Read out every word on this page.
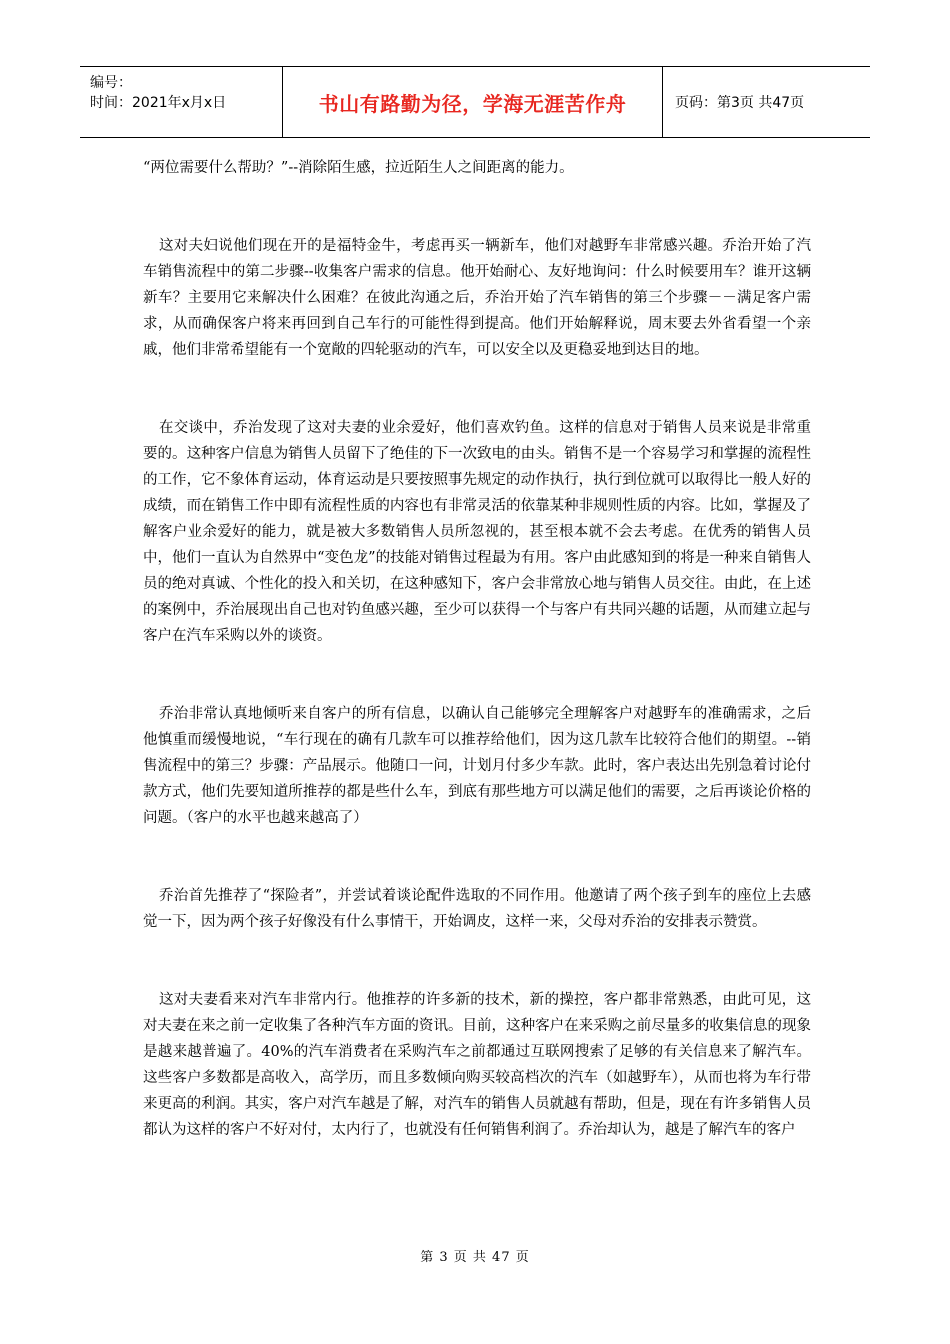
编号：
时间：2021年x月x日	书山有路勤为径，学海无涯苦作舟	页码：第3页 共47页

“两位需要什么帮助？”--消除陌生感，拉近陌生人之间距离的能力。

这对夫妇说他们现在开的是福特金牛，考虑再买一辆新车，他们对越野车非常感兴趣。乔治开始了汽车销售流程中的第二步骤--收集客户需求的信息。他开始耐心、友好地询问：什么时候要用车？谁开这辆新车？主要用它来解决什么困难？在彼此沟通之后，乔治开始了汽车销售的第三个步骤－－满足客户需求，从而确保客户将来再回到自己车行的可能性得到提高。他们开始解释说，周末要去外省看望一个亲戚，他们非常希望能有一个宽敞的四轮驱动的汽车，可以安全以及更稳妥地到达目的地。

在交谈中，乔治发现了这对夫妻的业余爱好，他们喜欢钓鱼。这样的信息对于销售人员来说是非常重要的。这种客户信息为销售人员留下了绝佳的下一次致电的由头。销售不是一个容易学习和掌握的流程性的工作，它不象体育运动，体育运动是只要按照事先规定的动作执行，执行到位就可以取得比一般人好的成绩，而在销售工作中即有流程性质的内容也有非常灵活的依靠某种非规则性质的内容。比如，掌握及了解客户业余爱好的能力，就是被大多数销售人员所忽视的，甚至根本就不会去考虑。在优秀的销售人员中，他们一直认为自然界中“变色龙”的技能对销售过程最为有用。客户由此感知到的将是一种来自销售人员的绝对真诚、个性化的投入和关切，在这种感知下，客户会非常放心地与销售人员交往。由此，在上述的案例中，乔治展现出自己也对钓鱼感兴趣，至少可以获得一个与客户有共同兴趣的话题，从而建立起与客户在汽车采购以外的谈资。

乔治非常认真地倾听来自客户的所有信息，以确认自己能够完全理解客户对越野车的准确需求，之后他慎重而缓慢地说，“车行现在的确有几款车可以推荐给他们，因为这几款车比较符合他们的期望。--销售流程中的第三？步骤：产品展示。他随口一问，计划月付多少车款。此时，客户表达出先别急着讨论付款方式，他们先要知道所推荐的都是些什么车，到底有那些地方可以满足他们的需要，之后再谈论价格的问题。（客户的水平也越来越高了）

乔治首先推荐了“探险者”，并尝试着谈论配件选取的不同作用。他邀请了两个孩子到车的座位上去感觉一下，因为两个孩子好像没有什么事情干，开始调皮，这样一来，父母对乔治的安排表示赞赏。

这对夫妻看来对汽车非常内行。他推荐的许多新的技术，新的操控，客户都非常熟悉，由此可见，这对夫妻在来之前一定收集了各种汽车方面的资讯。目前，这种客户在来采购之前尽量多的收集信息的现象是越来越普遍了。40%的汽车消费者在采购汽车之前都通过互联网搜索了足够的有关信息来了解汽车。这些客户多数都是高收入，高学历，而且多数倾向购买较高档次的汽车（如越野车），从而也将为车行带来更高的利润。其实，客户对汽车越是了解，对汽车的销售人员就越有帮助，但是，现在有许多销售人员都认为这样的客户不好对付，太内行了，也就没有任何销售利润了。乔治却认为，越是了解汽车的客户

第 3 页 共 47 页
